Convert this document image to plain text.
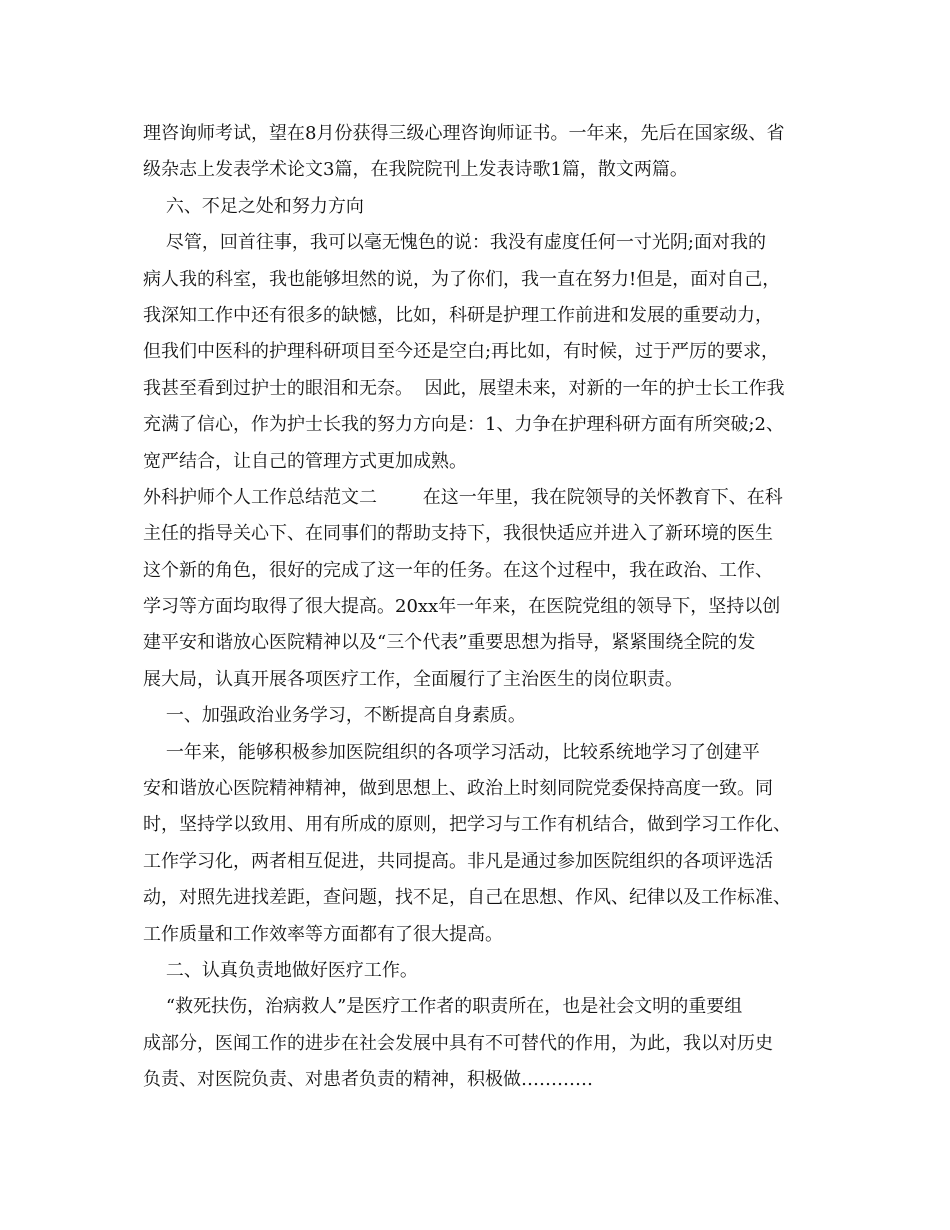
理咨询师考试，望在8月份获得三级心理咨询师证书。一年来，先后在国家级、省
级杂志上发表学术论文3篇，在我院院刊上发表诗歌1篇，散文两篇。
六、不足之处和努力方向
尽管，回首往事，我可以毫无愧色的说：我没有虚度任何一寸光阴;面对我的
病人我的科室，我也能够坦然的说，为了你们，我一直在努力!但是，面对自己，
我深知工作中还有很多的缺憾，比如，科研是护理工作前进和发展的重要动力，
但我们中医科的护理科研项目至今还是空白;再比如，有时候，过于严厉的要求，
我甚至看到过护士的眼泪和无奈。  因此，展望未来，对新的一年的护士长工作我
充满了信心，作为护士长我的努力方向是：1、力争在护理科研方面有所突破;2、
宽严结合，让自己的管理方式更加成熟。
外科护师个人工作总结范文二        在这一年里，我在院领导的关怀教育下、在科
主任的指导关心下、在同事们的帮助支持下，我很快适应并进入了新环境的医生
这个新的角色，很好的完成了这一年的任务。在这个过程中，我在政治、工作、
学习等方面均取得了很大提高。20xx年一年来，在医院党组的领导下，坚持以创
建平安和谐放心医院精神以及“三个代表”重要思想为指导，紧紧围绕全院的发
展大局，认真开展各项医疗工作，全面履行了主治医生的岗位职责。
一、加强政治业务学习，不断提高自身素质。
一年来，能够积极参加医院组织的各项学习活动，比较系统地学习了创建平
安和谐放心医院精神精神，做到思想上、政治上时刻同院党委保持高度一致。同
时，坚持学以致用、用有所成的原则，把学习与工作有机结合，做到学习工作化、
工作学习化，两者相互促进，共同提高。非凡是通过参加医院组织的各项评选活
动，对照先进找差距，查问题，找不足，自己在思想、作风、纪律以及工作标准、
工作质量和工作效率等方面都有了很大提高。
二、认真负责地做好医疗工作。
“救死扶伤，治病救人”是医疗工作者的职责所在，也是社会文明的重要组
成部分，医闻工作的进步在社会发展中具有不可替代的作用，为此，我以对历史
负责、对医院负责、对患者负责的精神，积极做…………
